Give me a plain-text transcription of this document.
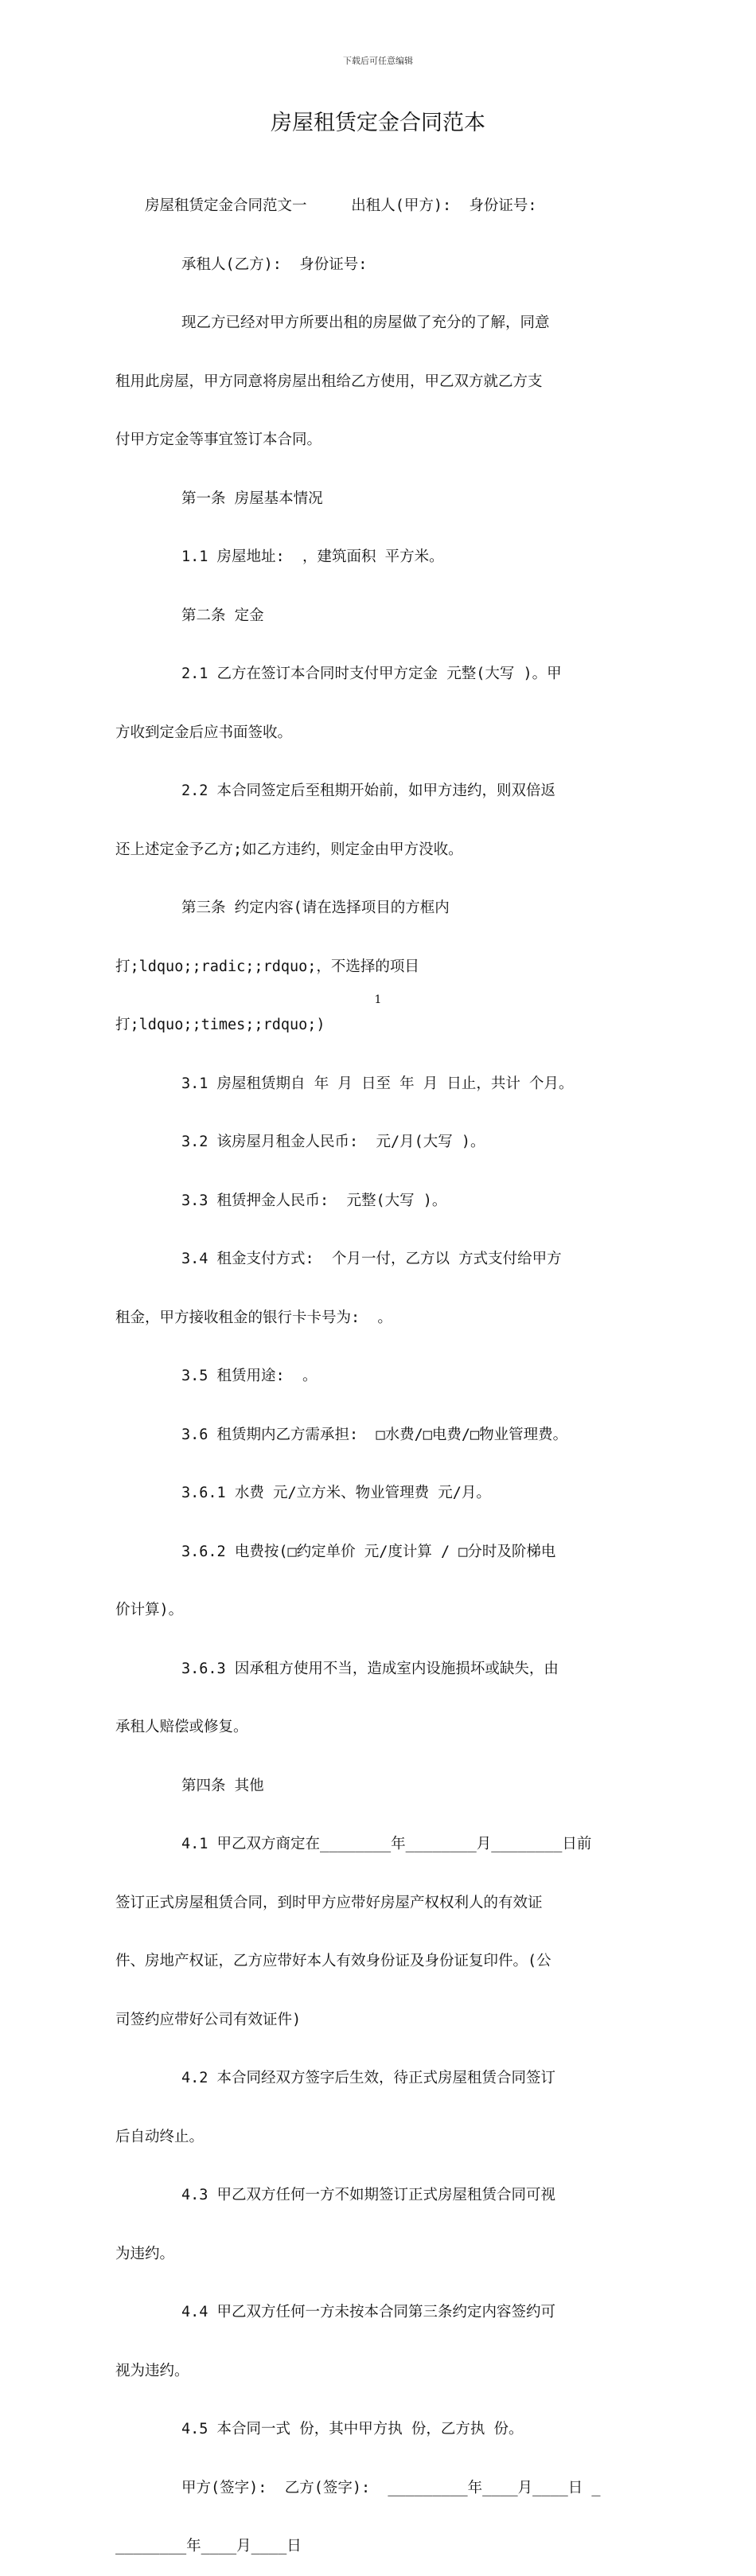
下载后可任意编辑
房屋租赁定金合同范本

房屋租赁定金合同范文一     出租人(甲方):  身份证号:

承租人(乙方):  身份证号:

现乙方已经对甲方所要出租的房屋做了充分的了解，同意

租用此房屋，甲方同意将房屋出租给乙方使用，甲乙双方就乙方支

付甲方定金等事宜签订本合同。

第一条 房屋基本情况

1.1 房屋地址:  ，建筑面积 平方米。

第二条 定金

2.1 乙方在签订本合同时支付甲方定金 元整(大写 )。甲

方收到定金后应书面签收。

2.2 本合同签定后至租期开始前，如甲方违约，则双倍返

还上述定金予乙方;如乙方违约，则定金由甲方没收。

第三条 约定内容(请在选择项目的方框内

打;ldquo;;radic;;rdquo;，不选择的项目

打;ldquo;;times;;rdquo;)

3.1 房屋租赁期自 年 月 日至 年 月 日止，共计 个月。

3.2 该房屋月租金人民币:  元/月(大写 )。

3.3 租赁押金人民币:  元整(大写 )。

3.4 租金支付方式:  个月一付，乙方以 方式支付给甲方

租金，甲方接收租金的银行卡卡号为:  。

3.5 租赁用途:  。

3.6 租赁期内乙方需承担:  □水费/□电费/□物业管理费。

3.6.1 水费 元/立方米、物业管理费 元/月。

3.6.2 电费按(□约定单价 元/度计算 / □分时及阶梯电

价计算)。

3.6.3 因承租方使用不当，造成室内设施损坏或缺失，由

承租人赔偿或修复。

第四条 其他

4.1 甲乙双方商定在________年________月________日前

签订正式房屋租赁合同，到时甲方应带好房屋产权权利人的有效证

件、房地产权证，乙方应带好本人有效身份证及身份证复印件。(公

司签约应带好公司有效证件)

4.2 本合同经双方签字后生效，待正式房屋租赁合同签订

后自动终止。

4.3 甲乙双方任何一方不如期签订正式房屋租赁合同可视

为违约。

4.4 甲乙双方任何一方未按本合同第三条约定内容签约可

视为违约。

4.5 本合同一式 份，其中甲方执 份，乙方执 份。

甲方(签字):  乙方(签字):  _________年____月____日 _

________年____月____日

1
